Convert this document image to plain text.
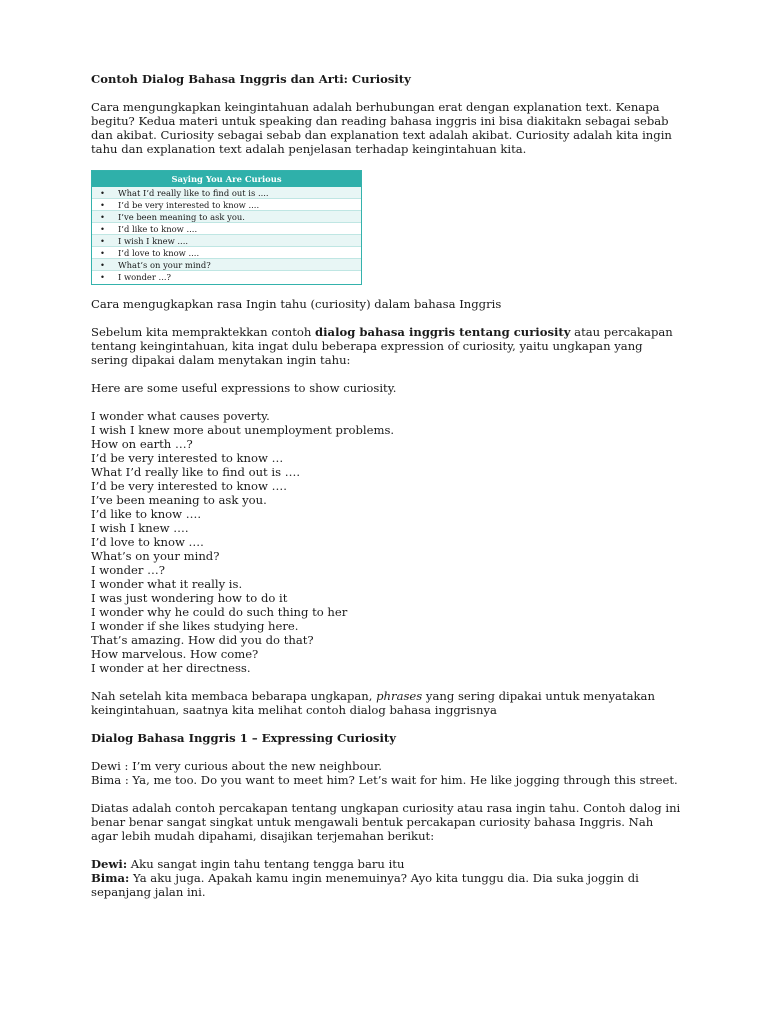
Contoh Dialog Bahasa Inggris dan Arti: Curiosity

Cara mengungkapkan keingintahuan adalah berhubungan erat dengan explanation text. Kenapa begitu? Kedua materi untuk speaking dan reading bahasa inggris ini bisa diakitakn sebagai sebab dan akibat. Curiosity sebagai sebab dan explanation text adalah akibat. Curiosity adalah kita ingin tahu dan explanation text adalah penjelasan terhadap keingintahuan kita.

Saying You Are Curious
• What I’d really like to find out is ....
• I’d be very interested to know ....
• I’ve been meaning to ask you.
• I’d like to know ....
• I wish I knew ....
• I’d love to know ....
• What’s on your mind?
• I wonder ...?

Cara mengugkapkan rasa Ingin tahu (curiosity) dalam bahasa Inggris

Sebelum kita mempraktekkan contoh dialog bahasa inggris tentang curiosity atau percakapan tentang keingintahuan, kita ingat dulu beberapa expression of curiosity, yaitu ungkapan yang sering dipakai dalam menytakan ingin tahu:

Here are some useful expressions to show curiosity.

I wonder what causes poverty.

I wish I knew more about unemployment problems.

How on earth …?

I’d be very interested to know …

What I’d really like to find out is ….

I’d be very interested to know ….

I’ve been meaning to ask you.

I’d like to know ….

I wish I knew ….

I’d love to know ….

What’s on your mind?

I wonder …?

I wonder what it really is.

I was just wondering how to do it

I wonder why he could do such thing to her

I wonder if she likes studying here.

That’s amazing. How did you do that?

How marvelous. How come?

I wonder at her directness.

Nah setelah kita membaca bebarapa ungkapan, phrases yang sering dipakai untuk menyatakan keingintahuan, saatnya kita melihat contoh dialog bahasa inggrisnya

Dialog Bahasa Inggris 1 – Expressing Curiosity

Dewi : I’m very curious about the new neighbour.

Bima : Ya, me too. Do you want to meet him? Let’s wait for him. He like jogging through this street.

Diatas adalah contoh percakapan tentang ungkapan curiosity atau rasa ingin tahu. Contoh dalog ini benar benar sangat singkat untuk mengawali bentuk percakapan curiosity bahasa Inggris. Nah agar lebih mudah dipahami, disajikan terjemahan berikut:

Dewi: Aku sangat ingin tahu tentang tengga baru itu

Bima: Ya aku juga. Apakah kamu ingin menemuinya? Ayo kita tunggu dia. Dia suka joggin di sepanjang jalan ini.
